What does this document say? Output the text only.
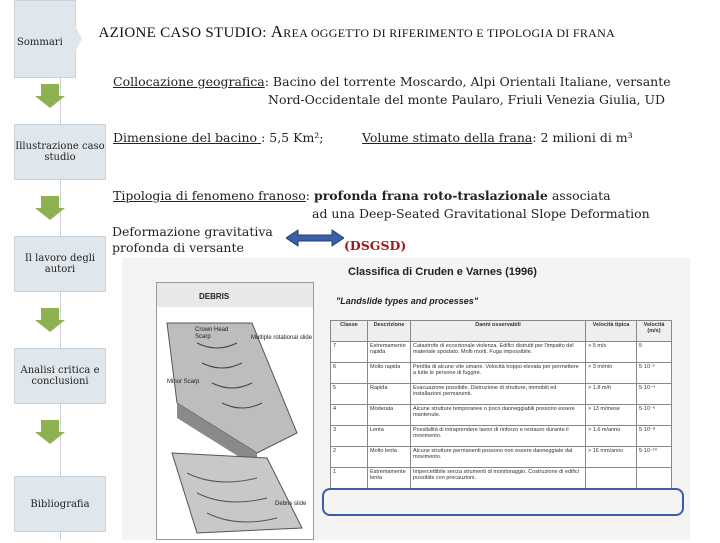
Sommario
Illustrazione caso studio
Il lavoro degli autori
Analisi critica e conclusioni
Bibliografia
AZIONE CASO STUDIO: AREA OGGETTO DI RIFERIMENTO E TIPOLOGIA DI FRANA
Collocazione geografica: Bacino del torrente Moscardo, Alpi Orientali Italiane, versante
Nord-Occidentale del monte Paularo, Friuli Venezia Giulia, UD
Dimensione del bacino : 5,5 Km²;	Volume stimato della frana: 2 milioni di m³
Tipologia di fenomeno franoso: profonda frana roto-traslazionale associata
ad una Deep-Seated Gravitational Slope Deformation
Deformazione gravitativa
profonda di versante	(DSGSD)
Classifica di Cruden e Varnes (1996)
"Landslide types and processes"
DEBRIS
Crown Head
Scarp	Multiple rotational slide
Minor Scarp
Debris slide
Classe	Descrizione	Danni osservabili	Velocità tipica	Velocità (m/s)
7	Estremamente rapida	Catastrofe di eccezionale violenza. Edifici distrutti per l'impatto del materiale spostato. Molti morti. Fuga impossibile.	> 5 m/s	5
6	Molto rapida	Perdita di alcune vite umane. Velocità troppo elevata per permettere a tutte le persone di fuggire.	> 3 m/min	5·10⁻²
5	Rapida	Evacuazione possibile. Distruzione di strutture, immobili ed installazioni permanenti.	> 1.8 m/h	5·10⁻⁴
4	Moderata	Alcune strutture temporanee o poco danneggiabili possono essere mantenute.	> 13 m/mese	5·10⁻⁶
3	Lenta	Possibilità di intraprendere lavori di rinforzo e restauro durante il movimento.	> 1.6 m/anno	5·10⁻⁸
2	Molto lenta	Alcune strutture permanenti possono non essere danneggiate dal movimento.	> 16 mm/anno	5·10⁻¹⁰
1	Estremamente lenta	Impercettibile senza strumenti di monitoraggio. Costruzione di edifici possibile con precauzioni.		
